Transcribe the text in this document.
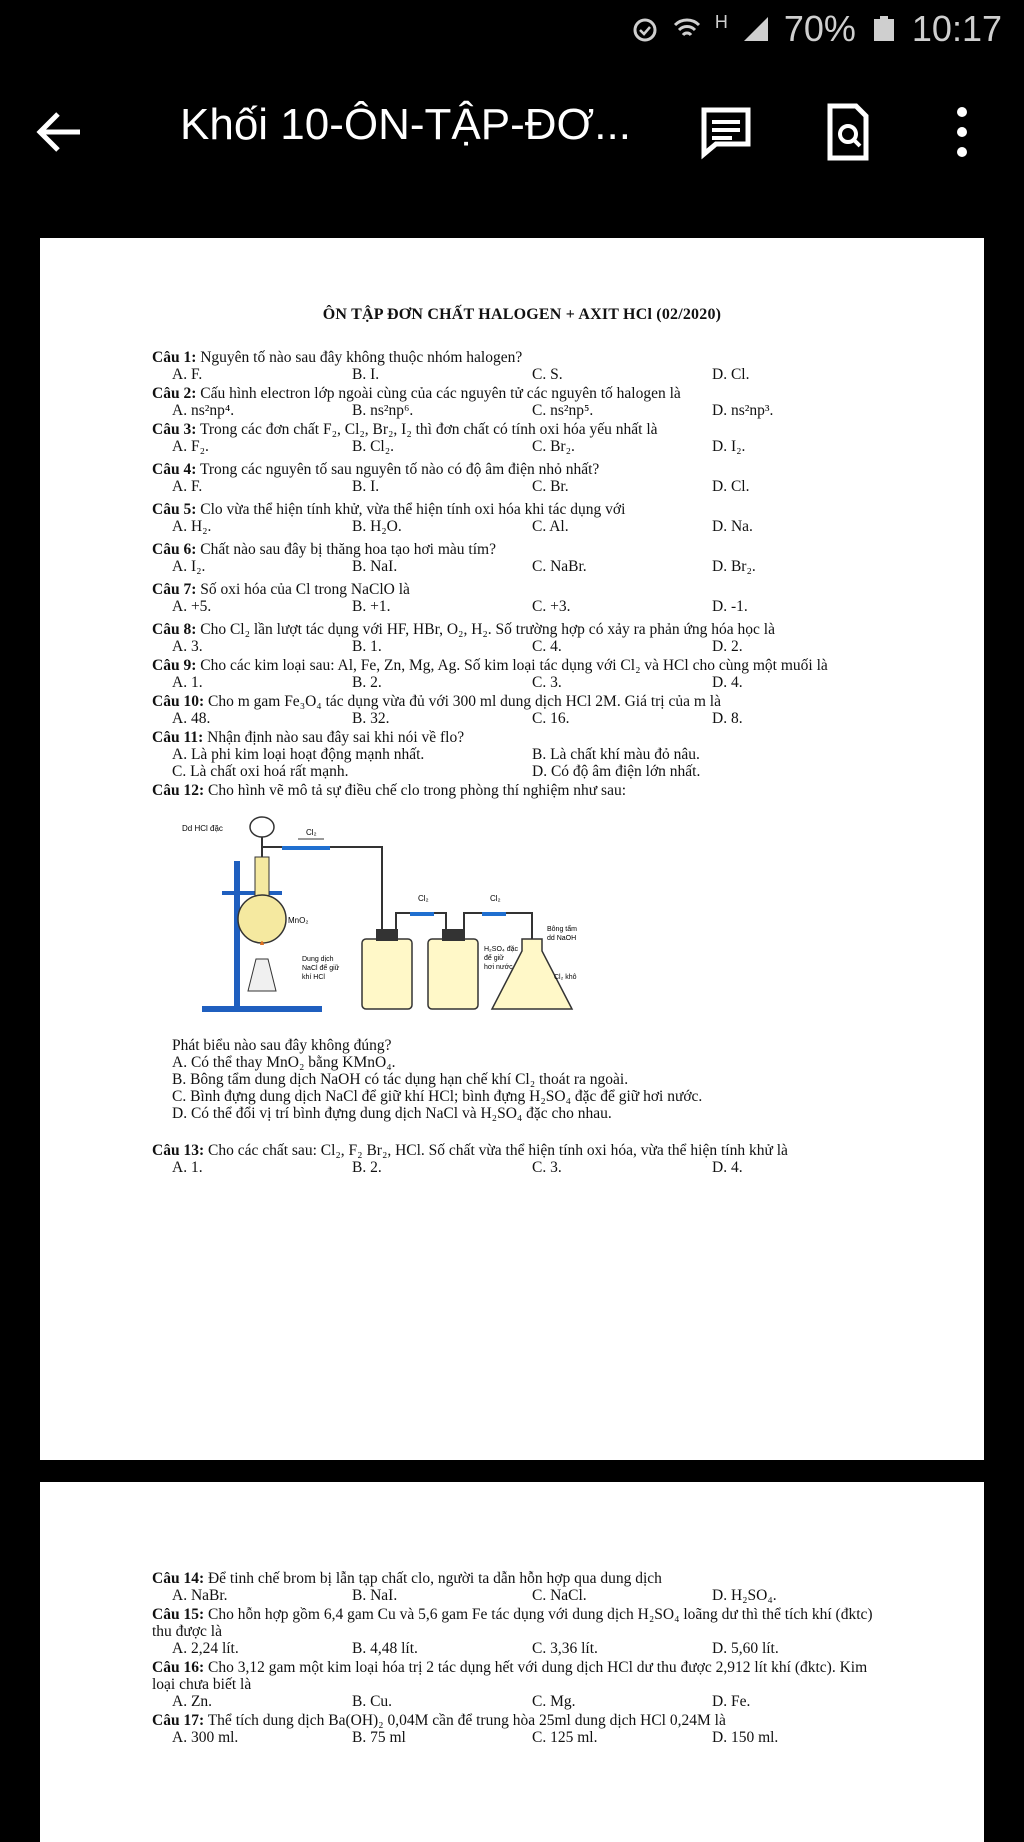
H 70% 10:17
Khối 10-ÔN-TẬP-ĐƠ...
ÔN TẬP ĐƠN CHẤT HALOGEN + AXIT HCl (02/2020)
Câu 1: Nguyên tố nào sau đây không thuộc nhóm halogen?
A. F.	B. I.	C. S.	D. Cl.
Câu 2: Cấu hình electron lớp ngoài cùng của các nguyên tử các nguyên tố halogen là
A. ns²np⁴.	B. ns²np⁶.	C. ns²np⁵.	D. ns²np³.
Câu 3: Trong các đơn chất F₂, Cl₂, Br₂, I₂ thì đơn chất có tính oxi hóa yếu nhất là
A. F₂.	B. Cl₂.	C. Br₂.	D. I₂.
Câu 4: Trong các nguyên tố sau nguyên tố nào có độ âm điện nhỏ nhất?
A. F.	B. I.	C. Br.	D. Cl.
Câu 5: Clo vừa thể hiện tính khử, vừa thể hiện tính oxi hóa khi tác dụng với
A. H₂.	B. H₂O.	C. Al.	D. Na.
Câu 6: Chất nào sau đây bị thăng hoa tạo hơi màu tím?
A. I₂.	B. NaI.	C. NaBr.	D. Br₂.
Câu 7: Số oxi hóa của Cl trong NaClO là
A. +5.	B. +1.	C. +3.	D. -1.
Câu 8: Cho Cl₂ lần lượt tác dụng với HF, HBr, O₂, H₂. Số trường hợp có xảy ra phản ứng hóa học là
A. 3.	B. 1.	C. 4.	D. 2.
Câu 9: Cho các kim loại sau: Al, Fe, Zn, Mg, Ag. Số kim loại tác dụng với Cl₂ và HCl cho cùng một muối là
A. 1.	B. 2.	C. 3.	D. 4.
Câu 10: Cho m gam Fe₃O₄ tác dụng vừa đủ với 300 ml dung dịch HCl 2M. Giá trị của m là
A. 48.	B. 32.	C. 16.	D. 8.
Câu 11: Nhận định nào sau đây sai khi nói về flo?
A. Là phi kim loại hoạt động mạnh nhất.	B. Là chất khí màu đỏ nâu.
C. Là chất oxi hoá rất mạnh.	D. Có độ âm điện lớn nhất.
Câu 12: Cho hình vẽ mô tả sự điều chế clo trong phòng thí nghiệm như sau:
Dd HCl đặc
MnO₂
Cl₂
Dung dịch NaCl để giữ khí HCl
Cl₂
H₂SO₄ đặc để giữ hơi nước
Cl₂
Bông tẩm dd NaOH
Cl₂ khô
Phát biểu nào sau đây không đúng?
A. Có thể thay MnO₂ bằng KMnO₄.
B. Bông tẩm dung dịch NaOH có tác dụng hạn chế khí Cl₂ thoát ra ngoài.
C. Bình đựng dung dịch NaCl để giữ khí HCl; bình đựng H₂SO₄ đặc để giữ hơi nước.
D. Có thể đổi vị trí bình đựng dung dịch NaCl và H₂SO₄ đặc cho nhau.
Câu 13: Cho các chất sau: Cl₂, F₂ Br₂, HCl. Số chất vừa thể hiện tính oxi hóa, vừa thể hiện tính khử là
A. 1.	B. 2.	C. 3.	D. 4.
Câu 14: Để tinh chế brom bị lẫn tạp chất clo, người ta dẫn hỗn hợp qua dung dịch
A. NaBr.	B. NaI.	C. NaCl.	D. H₂SO₄.
Câu 15: Cho hỗn hợp gồm 6,4 gam Cu và 5,6 gam Fe tác dụng với dung dịch H₂SO₄ loãng dư thì thể tích khí (đktc) thu được là
A. 2,24 lít.	B. 4,48 lít.	C. 3,36 lít.	D. 5,60 lít.
Câu 16: Cho 3,12 gam một kim loại hóa trị 2 tác dụng hết với dung dịch HCl dư thu được 2,912 lít khí (đktc). Kim loại chưa biết là
A. Zn.	B. Cu.	C. Mg.	D. Fe.
Câu 17: Thể tích dung dịch Ba(OH)₂ 0,04M cần để trung hòa 25ml dung dịch HCl 0,24M là
A. 300 ml.	B. 75 ml	C. 125 ml.	D. 150 ml.
